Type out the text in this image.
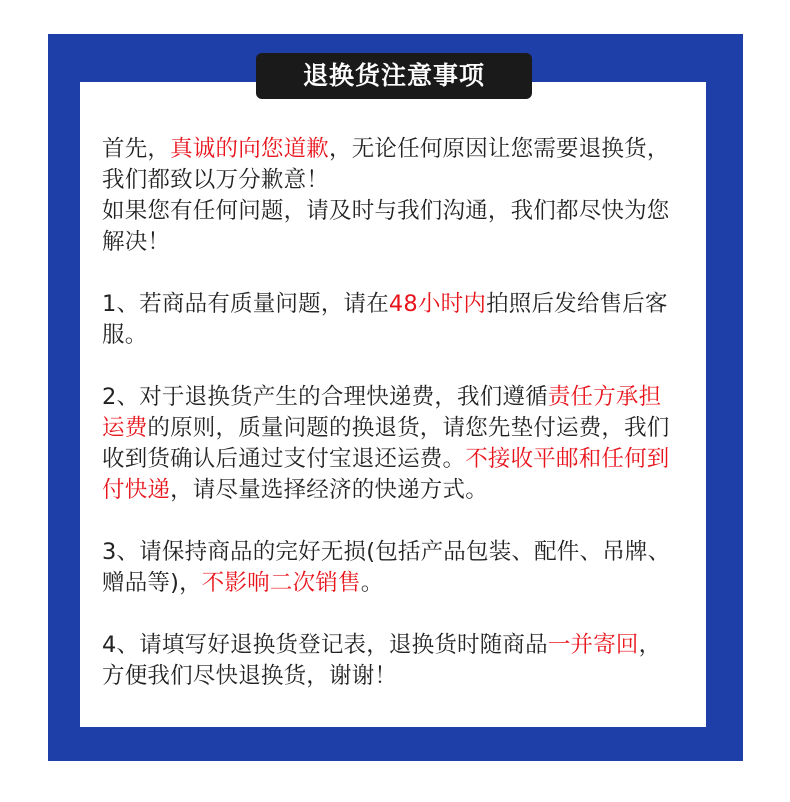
退换货注意事项

首先，真诚的向您道歉，无论任何原因让您需要退换货，我们都致以万分歉意！

如果您有任何问题，请及时与我们沟通，我们都尽快为您解决！

1、若商品有质量问题，请在48小时内拍照后发给售后客服。

2、对于退换货产生的合理快递费，我们遵循责任方承担运费的原则，质量问题的换退货，请您先垫付运费，我们收到货确认后通过支付宝退还运费。不接收平邮和任何到付快递，请尽量选择经济的快递方式。

3、请保持商品的完好无损(包括产品包装、配件、吊牌、赠品等)，不影响二次销售。

4、请填写好退换货登记表，退换货时随商品一并寄回，方便我们尽快退换货，谢谢！
